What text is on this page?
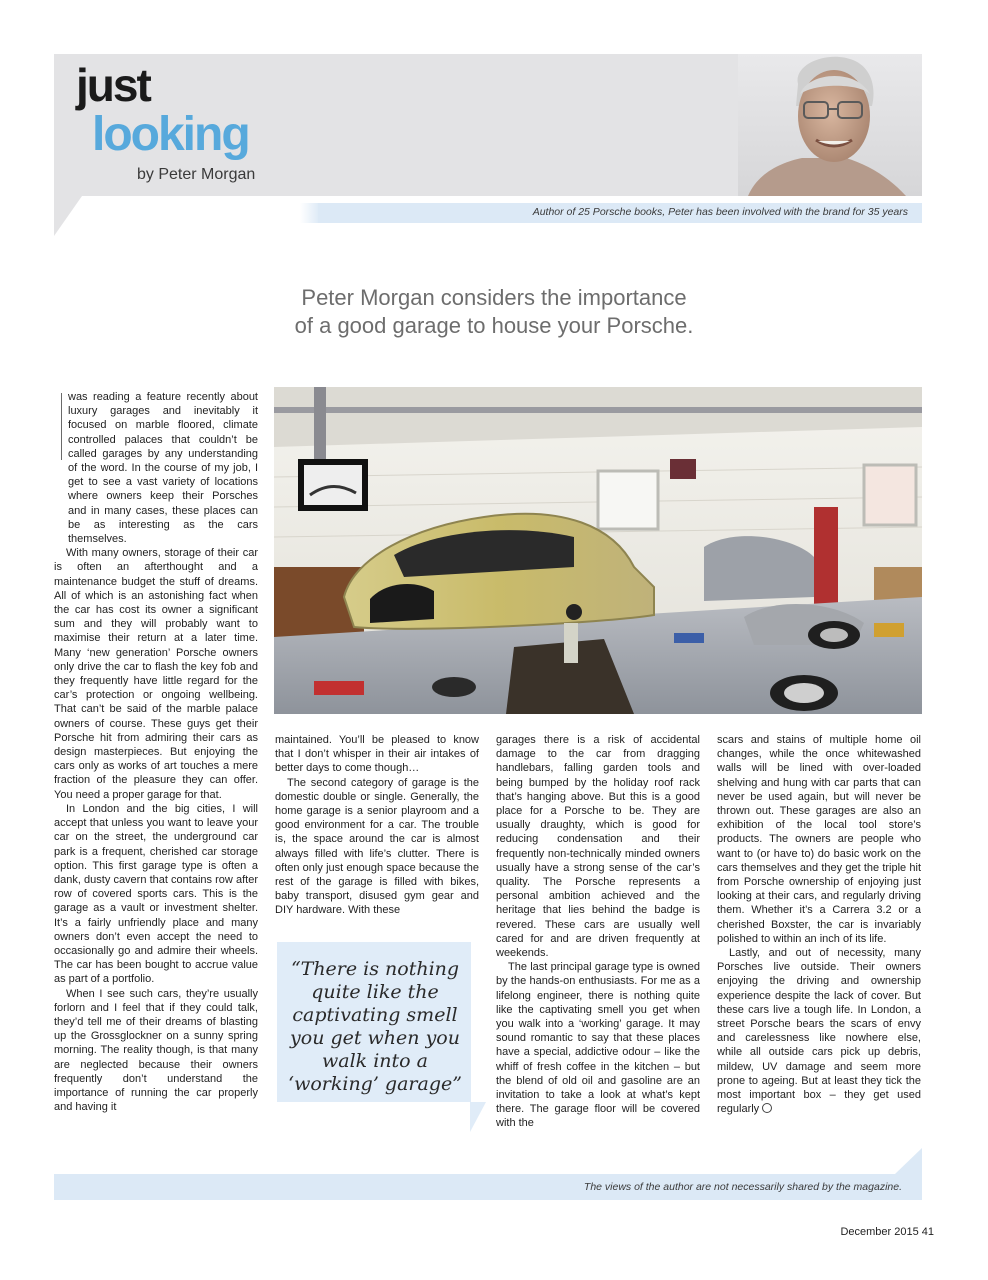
just
looking
by Peter Morgan
Author of 25 Porsche books, Peter has been involved with the brand for 35 years
Peter Morgan considers the importance
of a good garage to house your Porsche.

was reading a feature recently about luxury garages and inevitably it focused on marble floored, climate controlled palaces that couldn’t be called garages by any understanding of the word. In the course of my job, I get to see a vast variety of locations where owners keep their Porsches and in many cases, these places can be as interesting as the cars themselves.

With many owners, storage of their car is often an afterthought and a maintenance budget the stuff of dreams. All of which is an astonishing fact when the car has cost its owner a significant sum and they will probably want to maximise their return at a later time. Many ‘new generation’ Porsche owners only drive the car to flash the key fob and they frequently have little regard for the car’s protection or ongoing wellbeing. That can’t be said of the marble palace owners of course. These guys get their Porsche hit from admiring their cars as design masterpieces. But enjoying the cars only as works of art touches a mere fraction of the pleasure they can offer. You need a proper garage for that.

In London and the big cities, I will accept that unless you want to leave your car on the street, the underground car park is a frequent, cherished car storage option. This first garage type is often a dank, dusty cavern that contains row after row of covered sports cars. This is the garage as a vault or investment shelter. It’s a fairly unfriendly place and many owners don’t even accept the need to occasionally go and admire their wheels. The car has been bought to accrue value as part of a portfolio.

When I see such cars, they’re usually forlorn and I feel that if they could talk, they’d tell me of their dreams of blasting up the Grossglockner on a sunny spring morning. The reality though, is that many are neglected because their owners frequently don’t understand the importance of running the car properly and having it

maintained. You’ll be pleased to know that I don’t whisper in their air intakes of better days to come though…

The second category of garage is the domestic double or single. Generally, the home garage is a senior playroom and a good environment for a car. The trouble is, the space around the car is almost always filled with life’s clutter. There is often only just enough space because the rest of the garage is filled with bikes, baby transport, disused gym gear and DIY hardware. With these

“There is nothing quite like the captivating smell you get when you walk into a ‘working’ garage”

garages there is a risk of accidental damage to the car from dragging handlebars, falling garden tools and being bumped by the holiday roof rack that’s hanging above. But this is a good place for a Porsche to be. They are usually draughty, which is good for reducing condensation and their frequently non-technically minded owners usually have a strong sense of the car’s quality. The Porsche represents a personal ambition achieved and the heritage that lies behind the badge is revered. These cars are usually well cared for and are driven frequently at weekends.

The last principal garage type is owned by the hands-on enthusiasts. For me as a lifelong engineer, there is nothing quite like the captivating smell you get when you walk into a ‘working’ garage. It may sound romantic to say that these places have a special, addictive odour – like the whiff of fresh coffee in the kitchen – but the blend of old oil and gasoline are an invitation to take a look at what’s kept there. The garage floor will be covered with the

scars and stains of multiple home oil changes, while the once whitewashed walls will be lined with over-loaded shelving and hung with car parts that can never be used again, but will never be thrown out. These garages are also an exhibition of the local tool store’s products. The owners are people who want to (or have to) do basic work on the cars themselves and they get the triple hit from Porsche ownership of enjoying just looking at their cars, and regularly driving them. Whether it’s a Carrera 3.2 or a cherished Boxster, the car is invariably polished to within an inch of its life.

Lastly, and out of necessity, many Porsches live outside. Their owners enjoying the driving and ownership experience despite the lack of cover. But these cars live a tough life. In London, a street Porsche bears the scars of envy and carelessness like nowhere else, while all outside cars pick up debris, mildew, UV damage and seem more prone to ageing. But at least they tick the most important box – they get used regularly

The views of the author are not necessarily shared by the magazine.
December 2015 41
